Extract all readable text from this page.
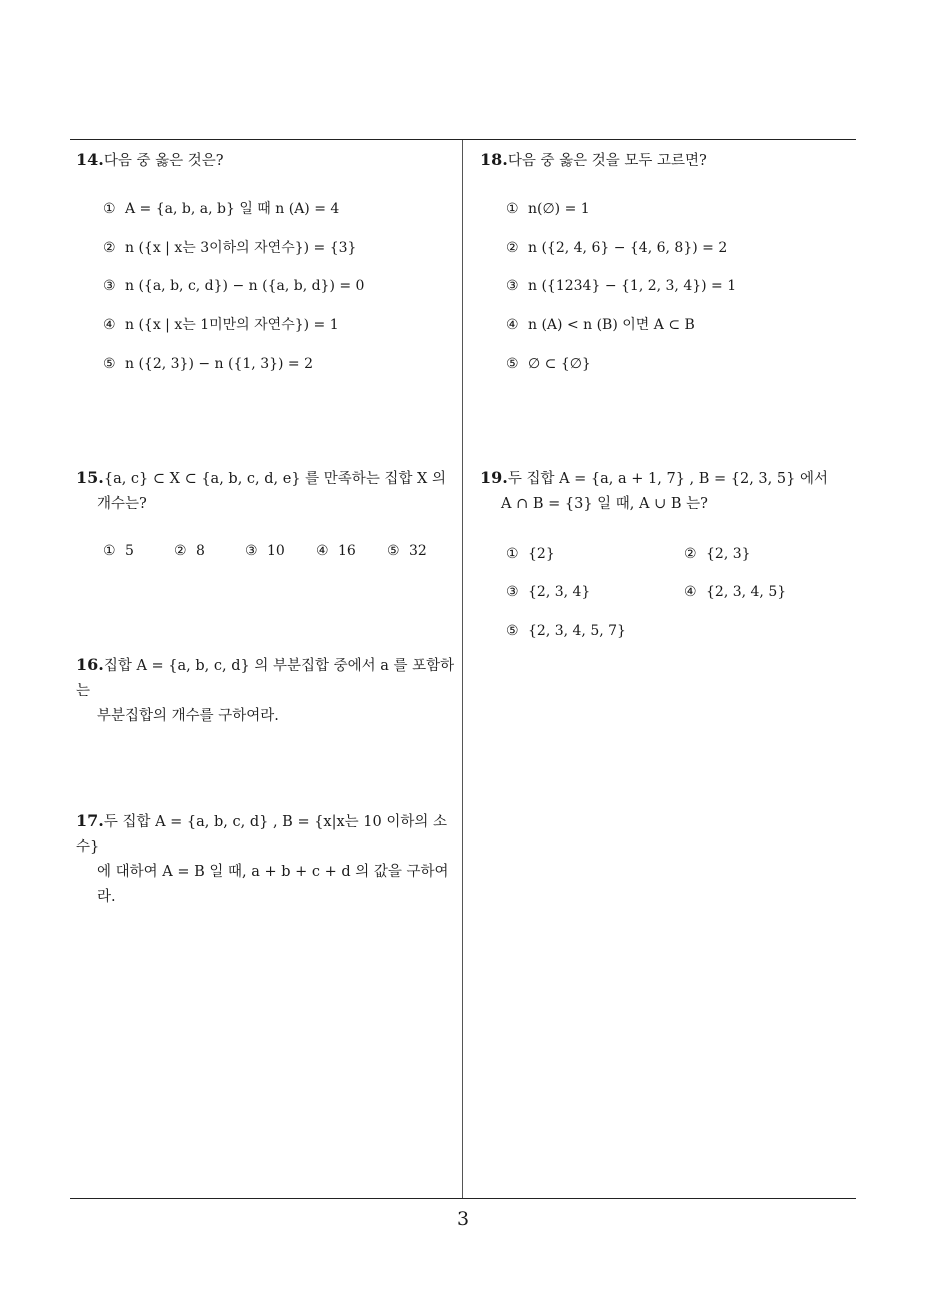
14.다음 중 옳은 것은?
① A = {a, b, a, b} 일 때 n (A) = 4
② n ({x | x는 3이하의 자연수}) = {3}
③ n ({a, b, c, d}) − n ({a, b, d}) = 0
④ n ({x | x는 1미만의 자연수}) = 1
⑤ n ({2, 3}) − n ({1, 3}) = 2
15.{a, c} ⊂ X ⊂ {a, b, c, d, e} 를 만족하는 집합 X 의
개수는?
① 5	② 8	③ 10 ④ 16 ⑤ 32
16.집합 A = {a, b, c, d} 의 부분집합 중에서 a 를 포함하는
부분집합의 개수를 구하여라.
17.두 집합 A = {a, b, c, d} , B = {x|x는 10 이하의 소수}
에 대하여 A = B 일 때, a + b + c + d 의 값을 구하여라.
18.다음 중 옳은 것을 모두 고르면?
① n(∅) = 1
② n ({2, 4, 6} − {4, 6, 8}) = 2
③ n ({1234} − {1, 2, 3, 4}) = 1
④ n (A) < n (B) 이면 A ⊂ B
⑤ ∅ ⊂ {∅}
19.두 집합 A = {a, a + 1, 7} , B = {2, 3, 5} 에서
A ∩ B = {3} 일 때, A ∪ B 는?
① {2}	② {2, 3}
③ {2, 3, 4}	④ {2, 3, 4, 5}
⑤ {2, 3, 4, 5, 7}
3
